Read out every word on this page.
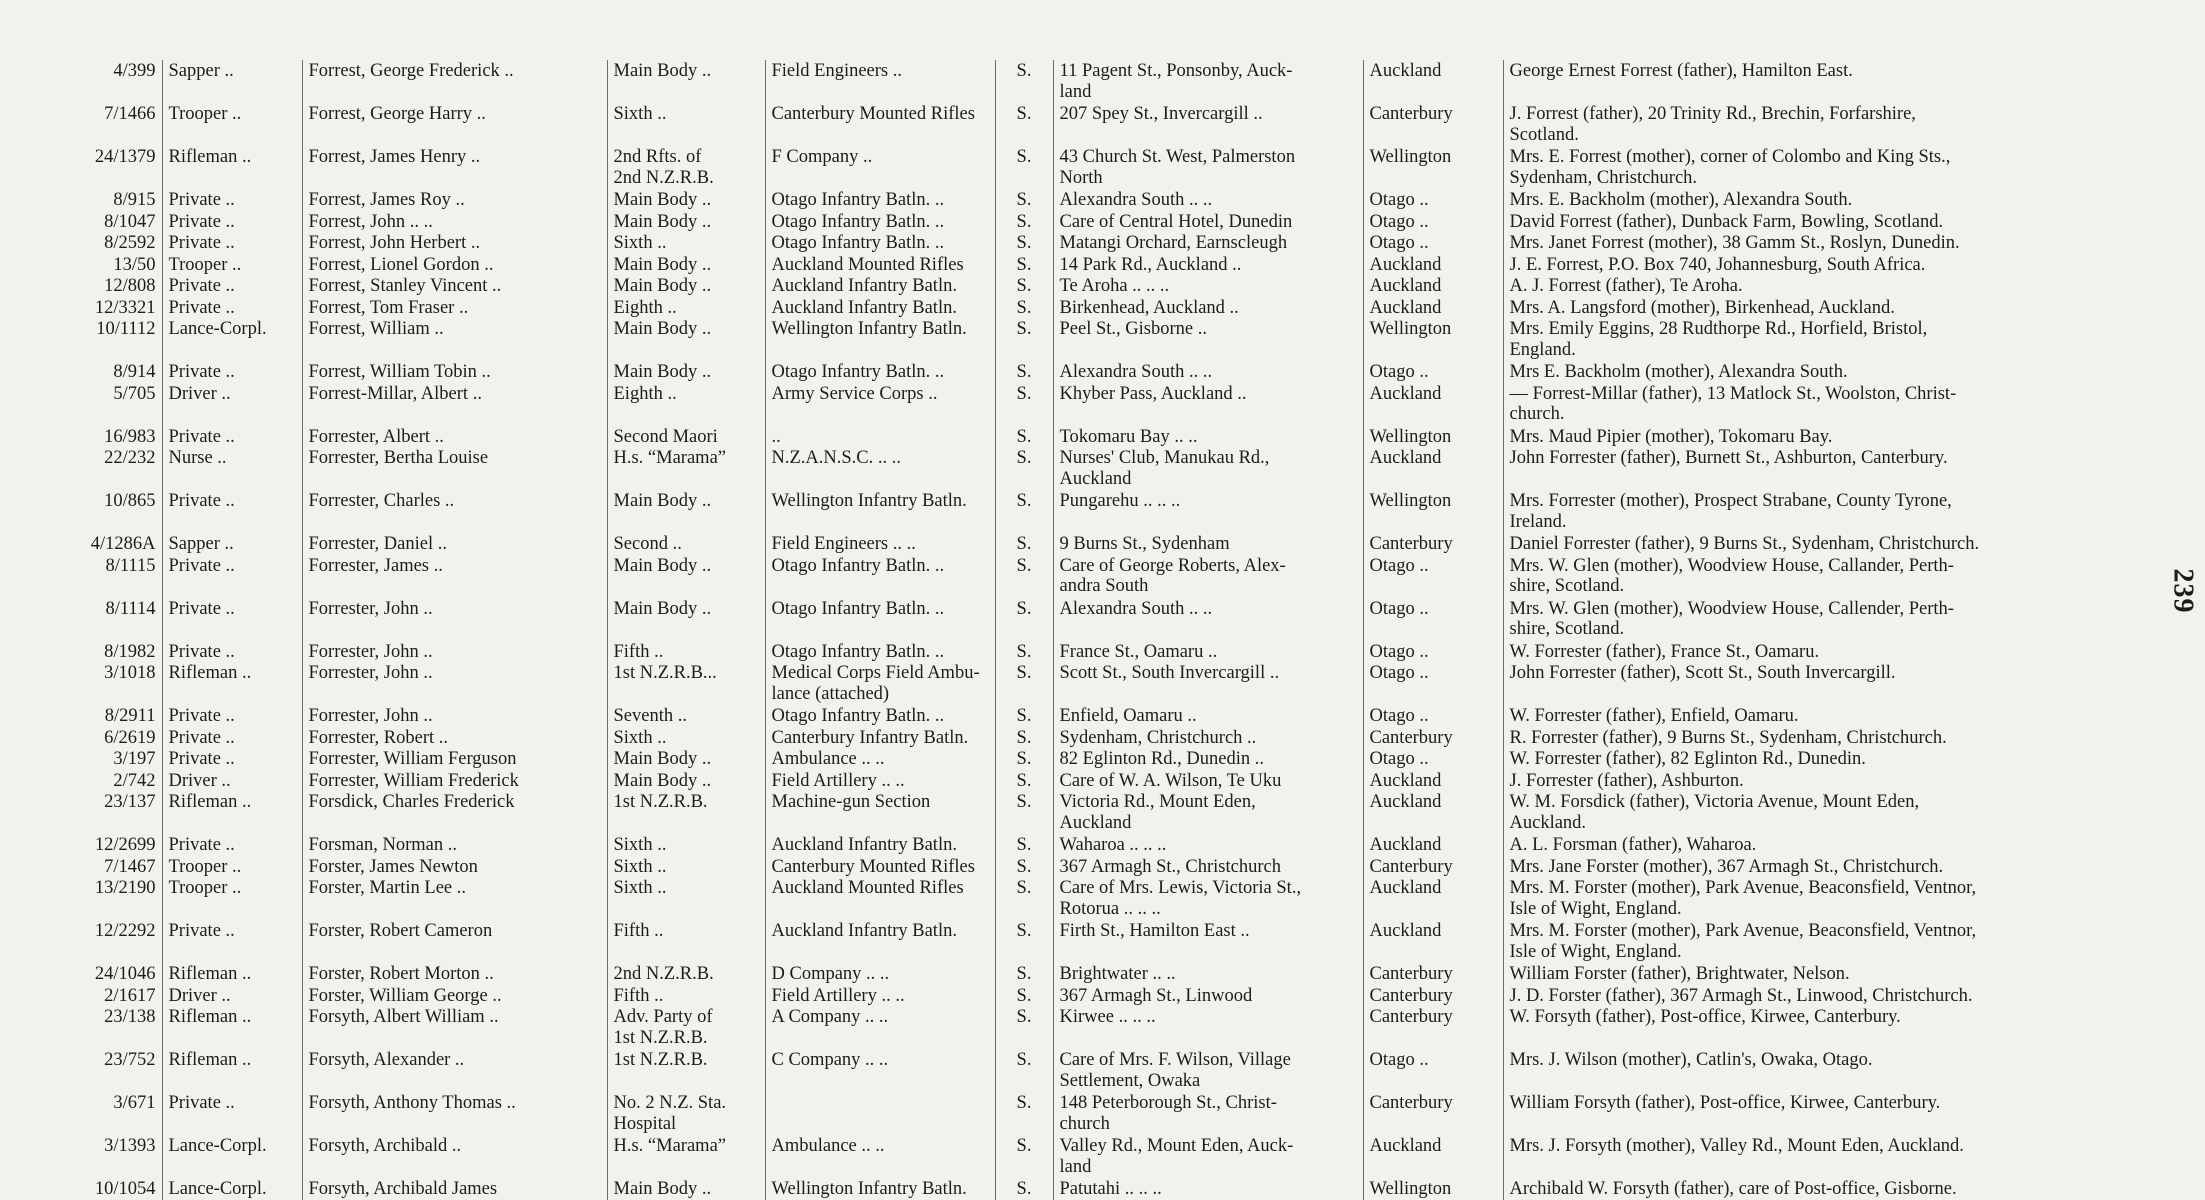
4/399	Sapper ..	Forrest, George Frederick ..	Main Body ..	Field Engineers ..	S.	11 Pagent St., Ponsonby, Auck-
land	Auckland	George Ernest Forrest (father), Hamilton East.
7/1466	Trooper ..	Forrest, George Harry ..	Sixth ..	Canterbury Mounted Rifles	S.	207 Spey St., Invercargill ..	Canterbury	J. Forrest (father), 20 Trinity Rd., Brechin, Forfarshire,
Scotland.
24/1379	Rifleman ..	Forrest, James Henry ..	2nd Rfts. of
2nd N.Z.R.B.	F Company ..	S.	43 Church St. West, Palmerston
North	Wellington	Mrs. E. Forrest (mother), corner of Colombo and King Sts.,
Sydenham, Christchurch.
8/915	Private ..	Forrest, James Roy ..	Main Body ..	Otago Infantry Batln. ..	S.	Alexandra South .. ..	Otago ..	Mrs. E. Backholm (mother), Alexandra South.
8/1047	Private ..	Forrest, John .. ..	Main Body ..	Otago Infantry Batln. ..	S.	Care of Central Hotel, Dunedin	Otago ..	David Forrest (father), Dunback Farm, Bowling, Scotland.
8/2592	Private ..	Forrest, John Herbert ..	Sixth ..	Otago Infantry Batln. ..	S.	Matangi Orchard, Earnscleugh	Otago ..	Mrs. Janet Forrest (mother), 38 Gamm St., Roslyn, Dunedin.
13/50	Trooper ..	Forrest, Lionel Gordon ..	Main Body ..	Auckland Mounted Rifles	S.	14 Park Rd., Auckland ..	Auckland	J. E. Forrest, P.O. Box 740, Johannesburg, South Africa.
12/808	Private ..	Forrest, Stanley Vincent ..	Main Body ..	Auckland Infantry Batln.	S.	Te Aroha .. .. ..	Auckland	A. J. Forrest (father), Te Aroha.
12/3321	Private ..	Forrest, Tom Fraser ..	Eighth ..	Auckland Infantry Batln.	S.	Birkenhead, Auckland ..	Auckland	Mrs. A. Langsford (mother), Birkenhead, Auckland.
10/1112	Lance-Corpl.	Forrest, William ..	Main Body ..	Wellington Infantry Batln.	S.	Peel St., Gisborne ..	Wellington	Mrs. Emily Eggins, 28 Rudthorpe Rd., Horfield, Bristol,
England.
8/914	Private ..	Forrest, William Tobin ..	Main Body ..	Otago Infantry Batln. ..	S.	Alexandra South .. ..	Otago ..	Mrs E. Backholm (mother), Alexandra South.
5/705	Driver ..	Forrest-Millar, Albert ..	Eighth ..	Army Service Corps ..	S.	Khyber Pass, Auckland ..	Auckland	— Forrest-Millar (father), 13 Matlock St., Woolston, Christ-
church.
16/983	Private ..	Forrester, Albert ..	Second Maori	..	S.	Tokomaru Bay .. ..	Wellington	Mrs. Maud Pipier (mother), Tokomaru Bay.
22/232	Nurse ..	Forrester, Bertha Louise	H.s. “Marama”	N.Z.A.N.S.C. .. ..	S.	Nurses' Club, Manukau Rd.,
Auckland	Auckland	John Forrester (father), Burnett St., Ashburton, Canterbury.
10/865	Private ..	Forrester, Charles ..	Main Body ..	Wellington Infantry Batln.	S.	Pungarehu .. .. ..	Wellington	Mrs. Forrester (mother), Prospect Strabane, County Tyrone,
Ireland.
4/1286A	Sapper ..	Forrester, Daniel ..	Second ..	Field Engineers .. ..	S.	9 Burns St., Sydenham	Canterbury	Daniel Forrester (father), 9 Burns St., Sydenham, Christchurch.
8/1115	Private ..	Forrester, James ..	Main Body ..	Otago Infantry Batln. ..	S.	Care of George Roberts, Alex-
andra South	Otago ..	Mrs. W. Glen (mother), Woodview House, Callander, Perth-
shire, Scotland.
8/1114	Private ..	Forrester, John ..	Main Body ..	Otago Infantry Batln. ..	S.	Alexandra South .. ..	Otago ..	Mrs. W. Glen (mother), Woodview House, Callender, Perth-
shire, Scotland.
8/1982	Private ..	Forrester, John ..	Fifth ..	Otago Infantry Batln. ..	S.	France St., Oamaru ..	Otago ..	W. Forrester (father), France St., Oamaru.
3/1018	Rifleman ..	Forrester, John ..	1st N.Z.R.B...	Medical Corps Field Ambu-
lance (attached)	S.	Scott St., South Invercargill ..	Otago ..	John Forrester (father), Scott St., South Invercargill.
8/2911	Private ..	Forrester, John ..	Seventh ..	Otago Infantry Batln. ..	S.	Enfield, Oamaru ..	Otago ..	W. Forrester (father), Enfield, Oamaru.
6/2619	Private ..	Forrester, Robert ..	Sixth ..	Canterbury Infantry Batln.	S.	Sydenham, Christchurch ..	Canterbury	R. Forrester (father), 9 Burns St., Sydenham, Christchurch.
3/197	Private ..	Forrester, William Ferguson	Main Body ..	Ambulance .. ..	S.	82 Eglinton Rd., Dunedin ..	Otago ..	W. Forrester (father), 82 Eglinton Rd., Dunedin.
2/742	Driver ..	Forrester, William Frederick	Main Body ..	Field Artillery .. ..	S.	Care of W. A. Wilson, Te Uku	Auckland	J. Forrester (father), Ashburton.
23/137	Rifleman ..	Forsdick, Charles Frederick	1st N.Z.R.B.	Machine-gun Section	S.	Victoria Rd., Mount Eden,
Auckland	Auckland	W. M. Forsdick (father), Victoria Avenue, Mount Eden,
Auckland.
12/2699	Private ..	Forsman, Norman ..	Sixth ..	Auckland Infantry Batln.	S.	Waharoa .. .. ..	Auckland	A. L. Forsman (father), Waharoa.
7/1467	Trooper ..	Forster, James Newton	Sixth ..	Canterbury Mounted Rifles	S.	367 Armagh St., Christchurch	Canterbury	Mrs. Jane Forster (mother), 367 Armagh St., Christchurch.
13/2190	Trooper ..	Forster, Martin Lee ..	Sixth ..	Auckland Mounted Rifles	S.	Care of Mrs. Lewis, Victoria St.,
Rotorua .. .. ..	Auckland	Mrs. M. Forster (mother), Park Avenue, Beaconsfield, Ventnor,
Isle of Wight, England.
12/2292	Private ..	Forster, Robert Cameron	Fifth ..	Auckland Infantry Batln.	S.	Firth St., Hamilton East ..	Auckland	Mrs. M. Forster (mother), Park Avenue, Beaconsfield, Ventnor,
Isle of Wight, England.
24/1046	Rifleman ..	Forster, Robert Morton ..	2nd N.Z.R.B.	D Company .. ..	S.	Brightwater .. ..	Canterbury	William Forster (father), Brightwater, Nelson.
2/1617	Driver ..	Forster, William George ..	Fifth ..	Field Artillery .. ..	S.	367 Armagh St., Linwood	Canterbury	J. D. Forster (father), 367 Armagh St., Linwood, Christchurch.
23/138	Rifleman ..	Forsyth, Albert William ..	Adv. Party of
1st N.Z.R.B.	A Company .. ..	S.	Kirwee .. .. ..	Canterbury	W. Forsyth (father), Post-office, Kirwee, Canterbury.
23/752	Rifleman ..	Forsyth, Alexander ..	1st N.Z.R.B.	C Company .. ..	S.	Care of Mrs. F. Wilson, Village
Settlement, Owaka	Otago ..	Mrs. J. Wilson (mother), Catlin's, Owaka, Otago.
3/671	Private ..	Forsyth, Anthony Thomas ..	No. 2 N.Z. Sta.
Hospital		S.	148 Peterborough St., Christ-
church	Canterbury	William Forsyth (father), Post-office, Kirwee, Canterbury.
3/1393	Lance-Corpl.	Forsyth, Archibald ..	H.s. “Marama”	Ambulance .. ..	S.	Valley Rd., Mount Eden, Auck-
land	Auckland	Mrs. J. Forsyth (mother), Valley Rd., Mount Eden, Auckland.
10/1054	Lance-Corpl.	Forsyth, Archibald James	Main Body ..	Wellington Infantry Batln.	S.	Patutahi .. .. ..	Wellington	Archibald W. Forsyth (father), care of Post-office, Gisborne.
239
